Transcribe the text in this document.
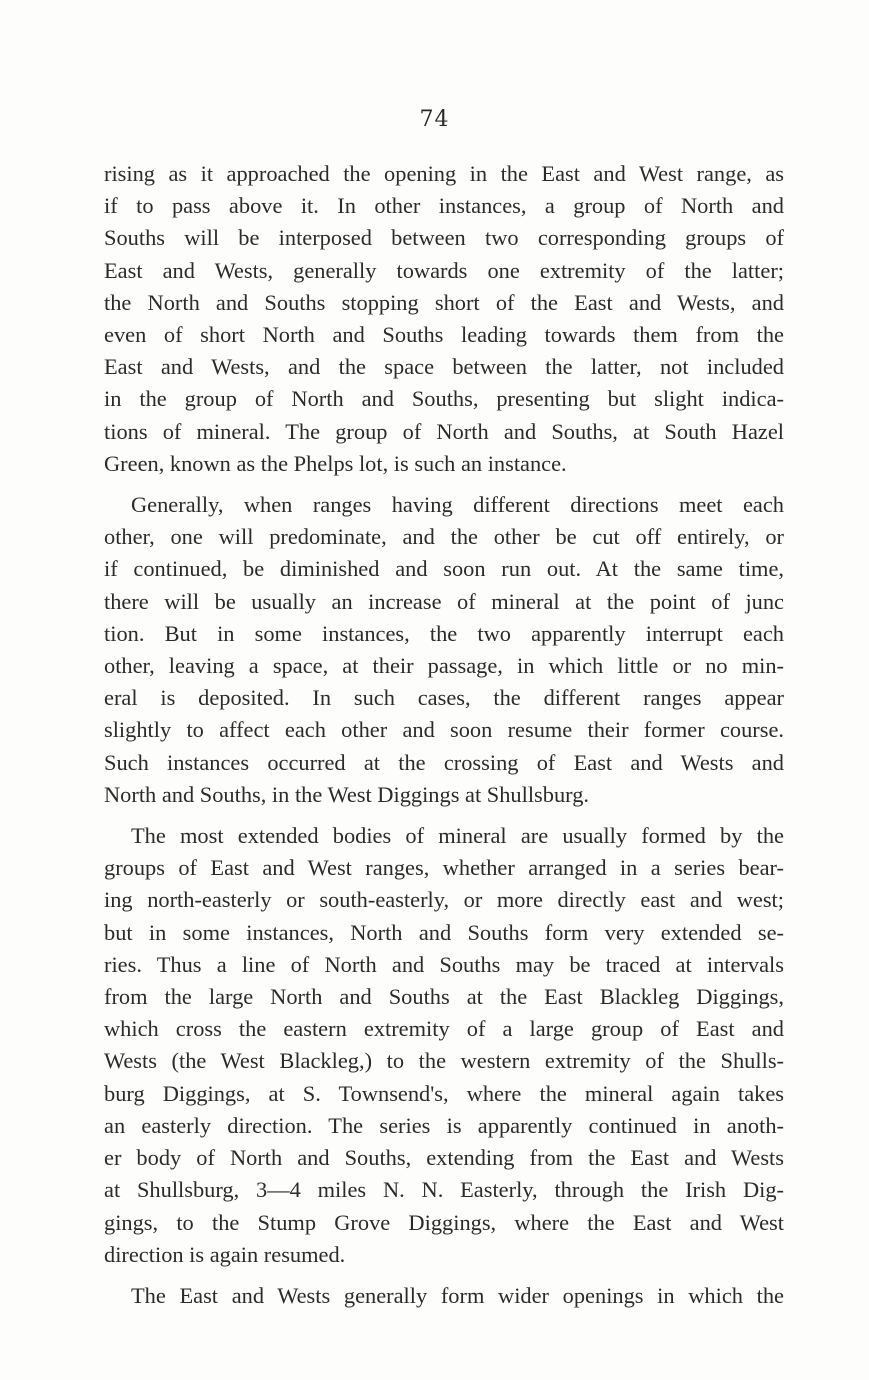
74
rising as it approached the opening in the East and West range, as
if to pass above it. In other instances, a group of North and
Souths will be interposed between two corresponding groups of
East and Wests, generally towards one extremity of the latter;
the North and Souths stopping short of the East and Wests, and
even of short North and Souths leading towards them from the
East and Wests, and the space between the latter, not included
in the group of North and Souths, presenting but slight indica-
tions of mineral. The group of North and Souths, at South Hazel
Green, known as the Phelps lot, is such an instance.
Generally, when ranges having different directions meet each
other, one will predominate, and the other be cut off entirely, or
if continued, be diminished and soon run out. At the same time,
there will be usually an increase of mineral at the point of junc
tion. But in some instances, the two apparently interrupt each
other, leaving a space, at their passage, in which little or no min-
eral is deposited. In such cases, the different ranges appear
slightly to affect each other and soon resume their former course.
Such instances occurred at the crossing of East and Wests and
North and Souths, in the West Diggings at Shullsburg.
The most extended bodies of mineral are usually formed by the
groups of East and West ranges, whether arranged in a series bear-
ing north-easterly or south-easterly, or more directly east and west;
but in some instances, North and Souths form very extended se-
ries. Thus a line of North and Souths may be traced at intervals
from the large North and Souths at the East Blackleg Diggings,
which cross the eastern extremity of a large group of East and
Wests (the West Blackleg,) to the western extremity of the Shulls-
burg Diggings, at S. Townsend's, where the mineral again takes
an easterly direction. The series is apparently continued in anoth-
er body of North and Souths, extending from the East and Wests
at Shullsburg, 3—4 miles N. N. Easterly, through the Irish Dig-
gings, to the Stump Grove Diggings, where the East and West
direction is again resumed.
The East and Wests generally form wider openings in which the
